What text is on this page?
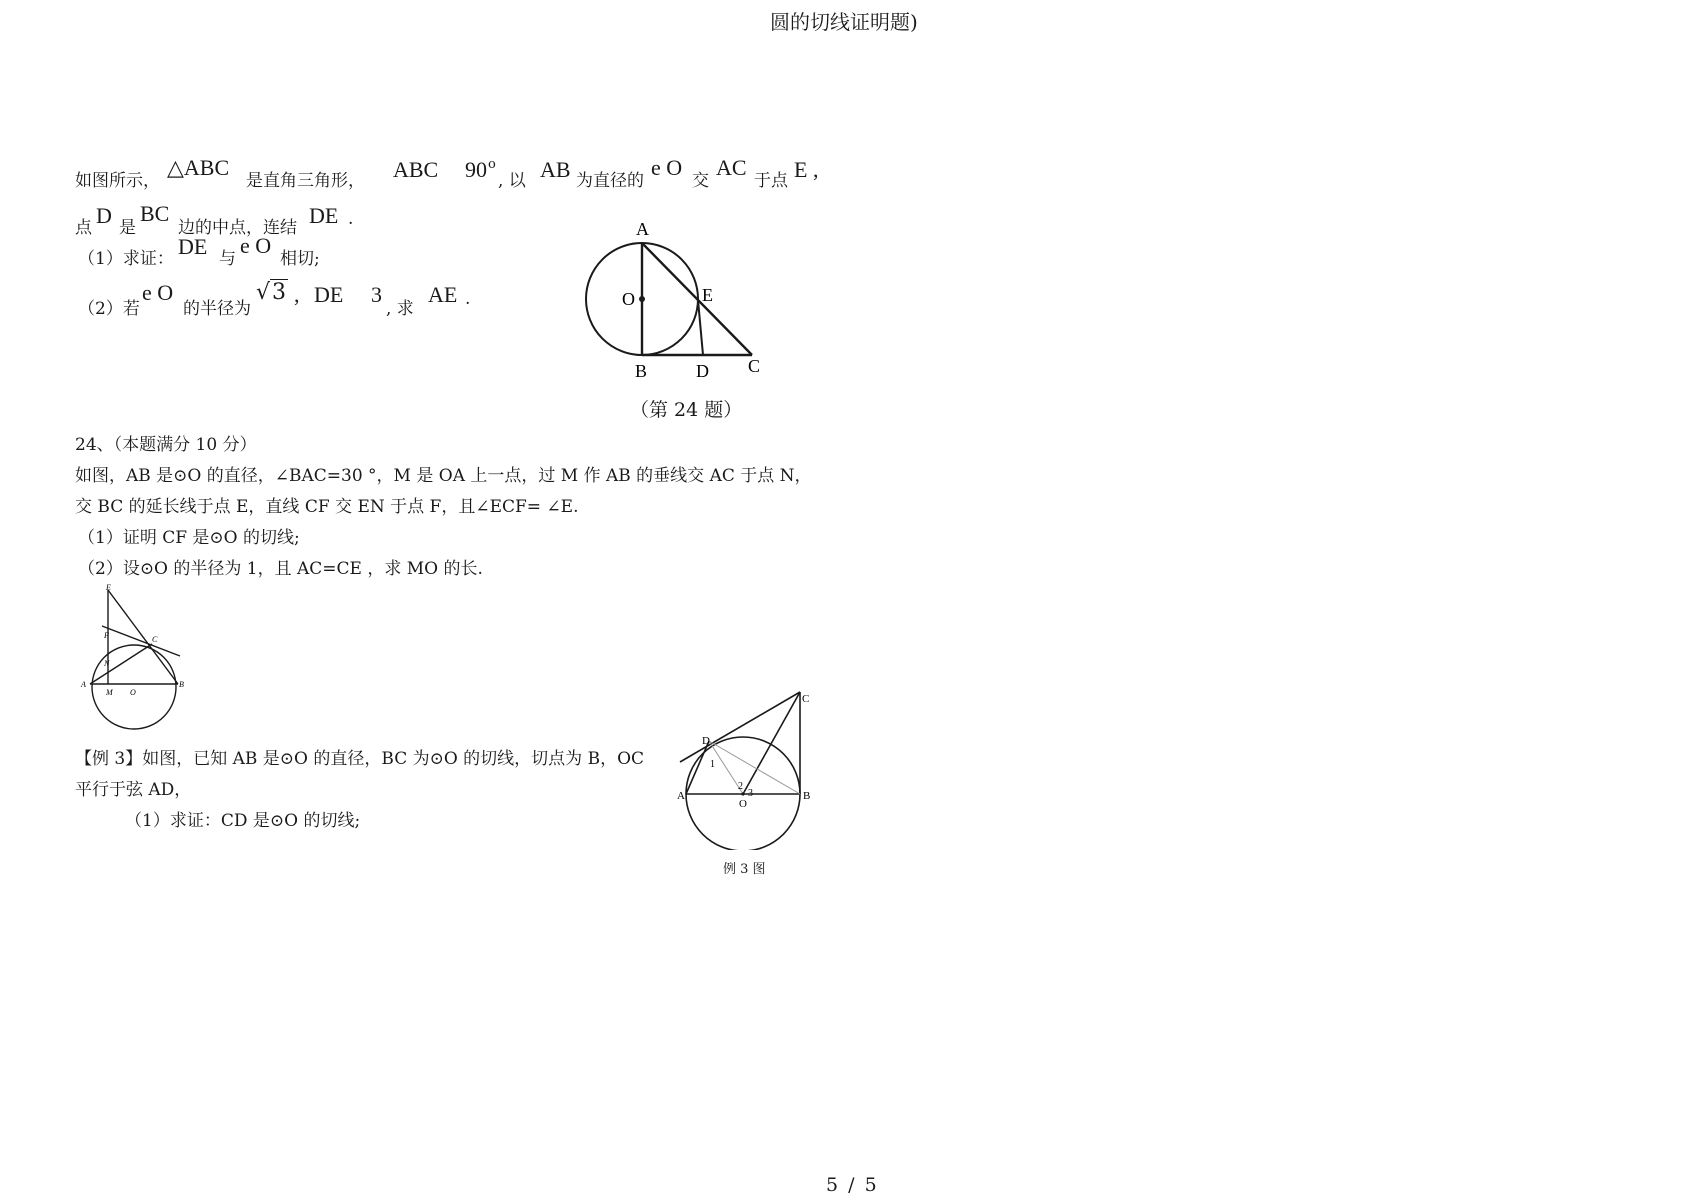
圆的切线证明题)
如图所示，
△ABC
是直角三角形， ABC 90 o
, 以 AB 为直径的
e O
交
AC
于点 E ,
点 D 是
BC
边的中点，连结 DE .
（1）求证： DE 与
e O
相切;
（2）若
e O
的半径为
√3 , DE 3
, 求
AE .
A
O	E
B	D C
（第 24 题）
24、（本题满分 10 分）
如图，AB 是⊙O 的直径，∠BAC=30 °，M 是 OA 上一点，过 M 作 AB 的垂线交 AC 于点 N，
交 BC 的延长线于点 E，直线 CF 交 EN 于点 F，且∠ECF= ∠E.
（1）证明 CF 是⊙O 的切线;
（2）设⊙O 的半径为 1，且 AC=CE ，求 MO 的长.
E
F
N
C
A
M O
B
【例 3】如图，已知 AB 是⊙O 的直径，BC 为⊙O 的切线，切点为 B，OC
平行于弦 AD，
（1）求证：CD 是⊙O 的切线;
C
D
1
2
3
A
O
B
例 3 图
5 / 5
